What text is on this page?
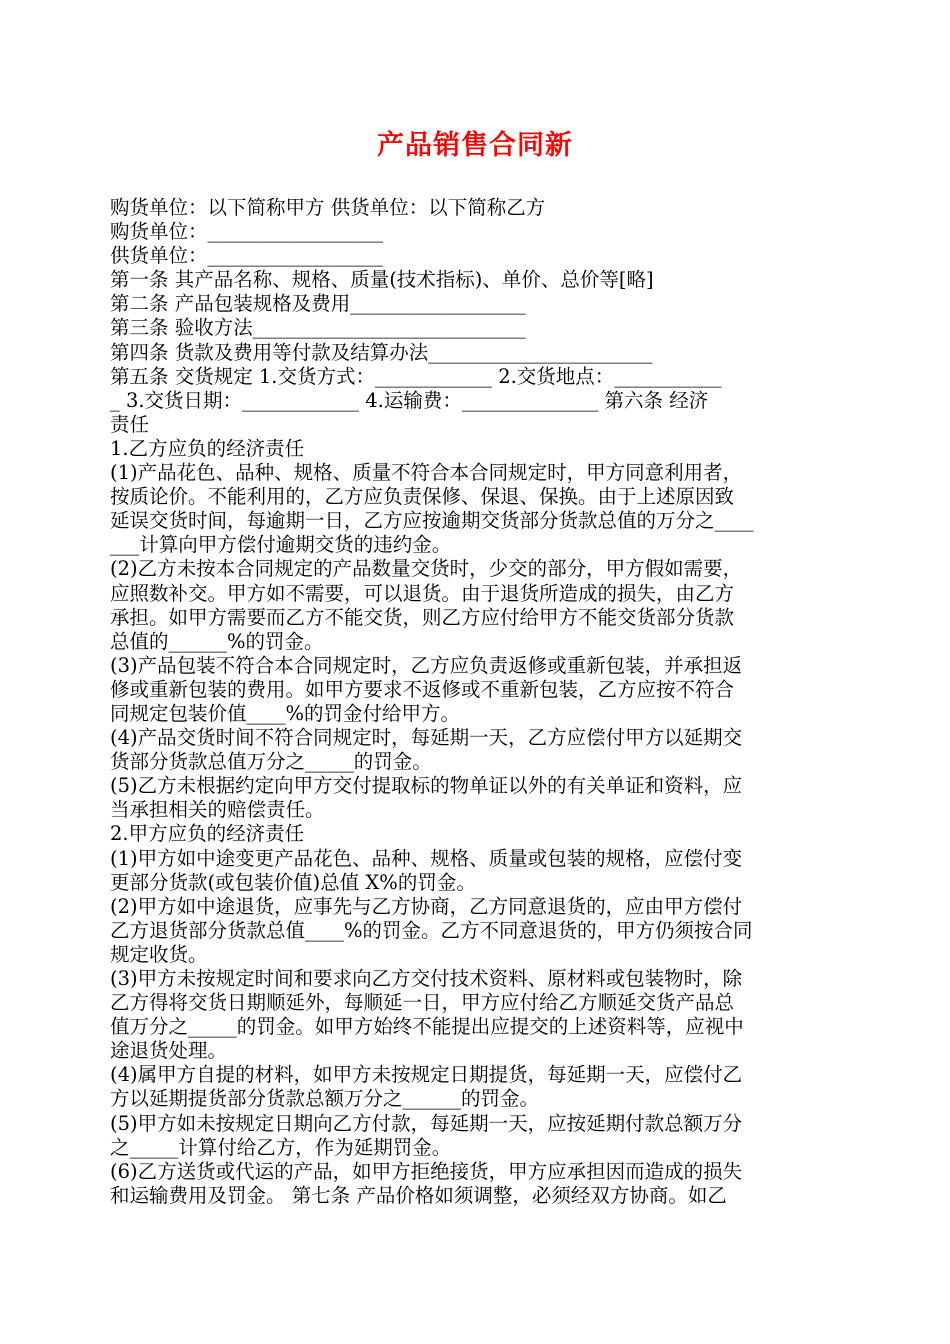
产品销售合同新
购货单位：以下简称甲方 供货单位：以下简称乙方
购货单位：__________________
供货单位：__________________
第一条 其产品名称、规格、质量(技术指标)、单价、总价等[略]
第二条 产品包装规格及费用__________________
第三条 验收方法____________________________
第四条 货款及费用等付款及结算办法_______________________
第五条 交货规定 1.交货方式：____________ 2.交货地点：___________
_ 3.交货日期：____________ 4.运输费：______________ 第六条 经济
责任
1.乙方应负的经济责任
(1)产品花色、品种、规格、质量不符合本合同规定时，甲方同意利用者，
按质论价。不能利用的，乙方应负责保修、保退、保换。由于上述原因致
延误交货时间，每逾期一日，乙方应按逾期交货部分货款总值的万分之____
___计算向甲方偿付逾期交货的违约金。
(2)乙方未按本合同规定的产品数量交货时，少交的部分，甲方假如需要，
应照数补交。甲方如不需要，可以退货。由于退货所造成的损失，由乙方
承担。如甲方需要而乙方不能交货，则乙方应付给甲方不能交货部分货款
总值的______%的罚金。
(3)产品包装不符合本合同规定时，乙方应负责返修或重新包装，并承担返
修或重新包装的费用。如甲方要求不返修或不重新包装，乙方应按不符合
同规定包装价值____%的罚金付给甲方。
(4)产品交货时间不符合同规定时，每延期一天，乙方应偿付甲方以延期交
货部分货款总值万分之_____的罚金。
(5)乙方未根据约定向甲方交付提取标的物单证以外的有关单证和资料，应
当承担相关的赔偿责任。
2.甲方应负的经济责任
(1)甲方如中途变更产品花色、品种、规格、质量或包装的规格，应偿付变
更部分货款(或包装价值)总值 X%的罚金。
(2)甲方如中途退货，应事先与乙方协商，乙方同意退货的，应由甲方偿付
乙方退货部分货款总值____%的罚金。乙方不同意退货的，甲方仍须按合同
规定收货。
(3)甲方未按规定时间和要求向乙方交付技术资料、原材料或包装物时，除
乙方得将交货日期顺延外，每顺延一日，甲方应付给乙方顺延交货产品总
值万分之_____的罚金。如甲方始终不能提出应提交的上述资料等，应视中
途退货处理。
(4)属甲方自提的材料，如甲方未按规定日期提货，每延期一天，应偿付乙
方以延期提货部分货款总额万分之______的罚金。
(5)甲方如未按规定日期向乙方付款，每延期一天，应按延期付款总额万分
之_____计算付给乙方，作为延期罚金。
(6)乙方送货或代运的产品，如甲方拒绝接货，甲方应承担因而造成的损失
和运输费用及罚金。 第七条 产品价格如须调整，必须经双方协商。如乙
